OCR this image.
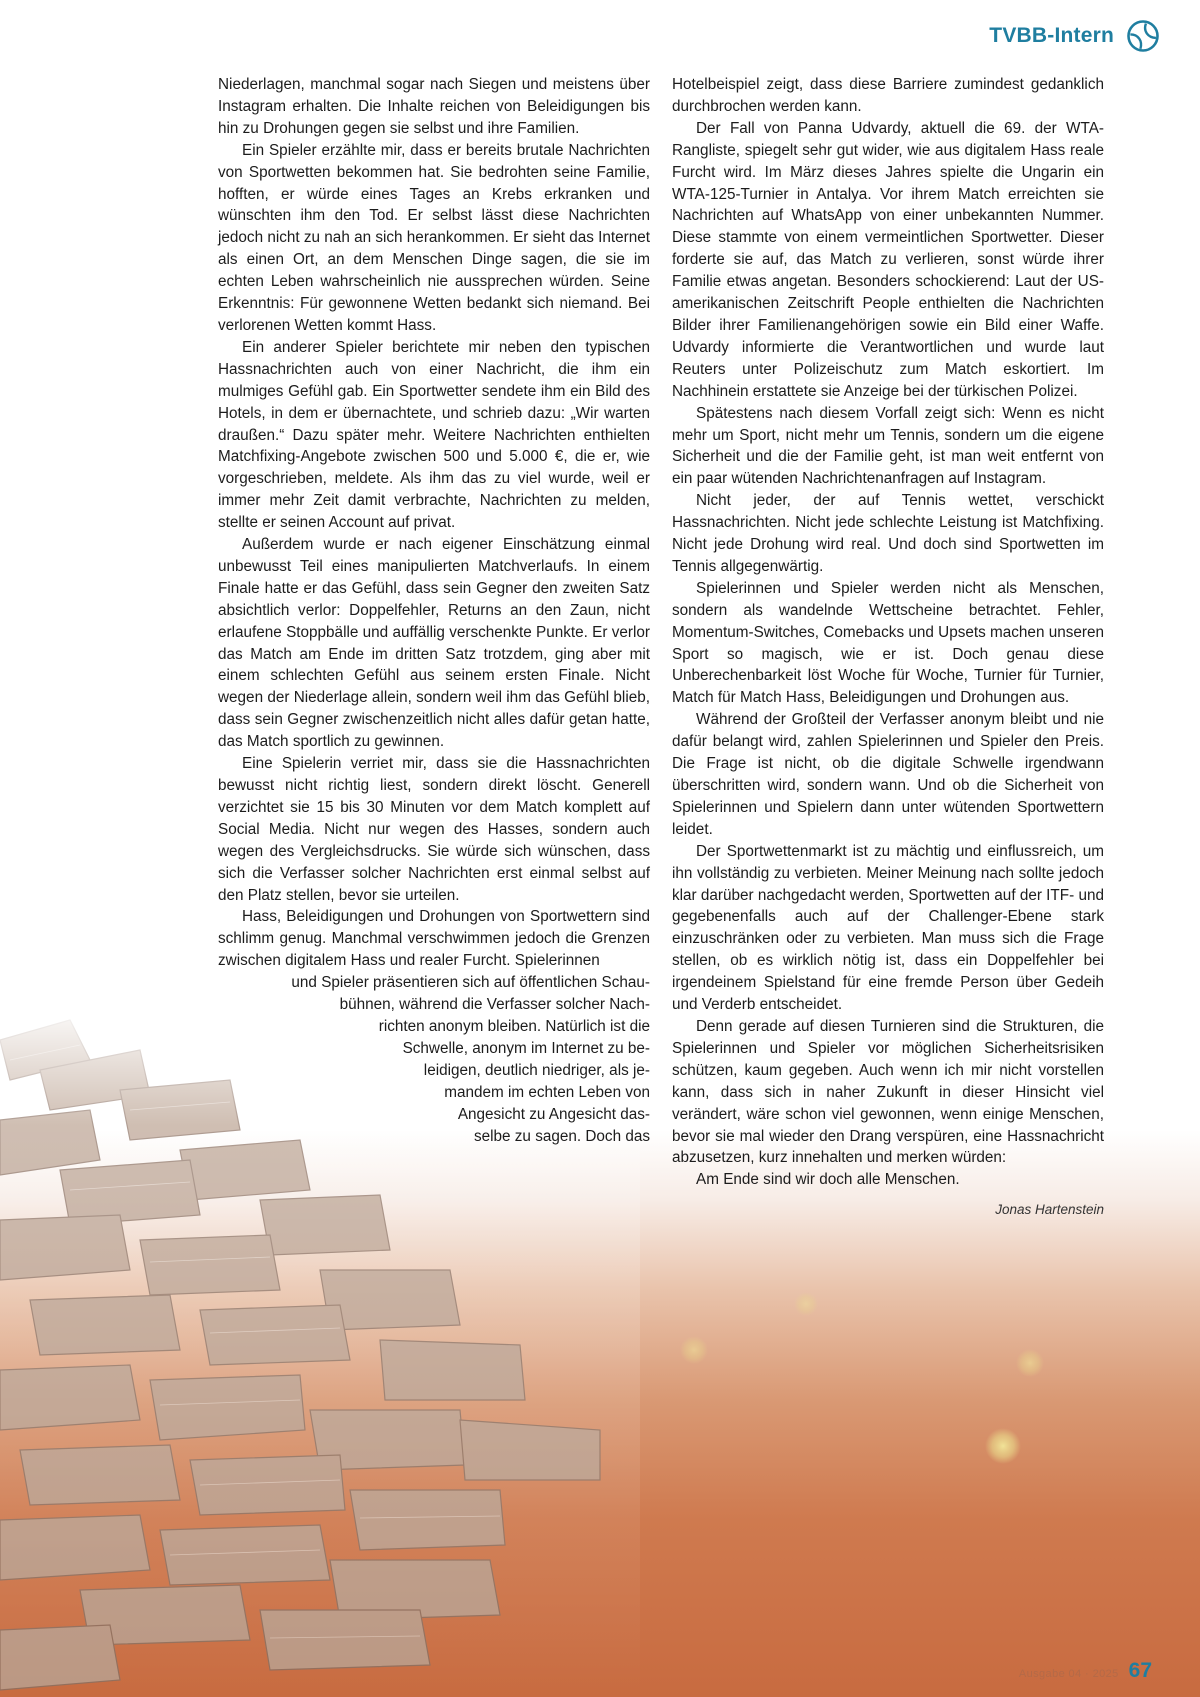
TVBB-Intern

Niederlagen, manchmal sogar nach Siegen und meistens über Instagram erhalten. Die Inhalte reichen von Beleidigungen bis hin zu Drohungen gegen sie selbst und ihre Familien.

Ein Spieler erzählte mir, dass er bereits brutale Nachrichten von Sportwetten bekommen hat. Sie bedrohten seine Familie, hofften, er würde eines Tages an Krebs erkranken und wünschten ihm den Tod. Er selbst lässt diese Nachrichten jedoch nicht zu nah an sich herankommen. Er sieht das Internet als einen Ort, an dem Menschen Dinge sagen, die sie im echten Leben wahrscheinlich nie aussprechen würden. Seine Erkenntnis: Für gewonnene Wetten bedankt sich niemand. Bei verlorenen Wetten kommt Hass.

Ein anderer Spieler berichtete mir neben den typischen Hassnachrichten auch von einer Nachricht, die ihm ein mulmiges Gefühl gab. Ein Sportwetter sendete ihm ein Bild des Hotels, in dem er übernachtete, und schrieb dazu: „Wir warten draußen.“ Dazu später mehr. Weitere Nachrichten enthielten Matchfixing-Angebote zwischen 500 und 5.000 €, die er, wie vorgeschrieben, meldete. Als ihm das zu viel wurde, weil er immer mehr Zeit damit verbrachte, Nachrichten zu melden, stellte er seinen Account auf privat.

Außerdem wurde er nach eigener Einschätzung einmal unbewusst Teil eines manipulierten Matchverlaufs. In einem Finale hatte er das Gefühl, dass sein Gegner den zweiten Satz absichtlich verlor: Doppelfehler, Returns an den Zaun, nicht erlaufene Stoppbälle und auffällig verschenkte Punkte. Er verlor das Match am Ende im dritten Satz trotzdem, ging aber mit einem schlechten Gefühl aus seinem ersten Finale. Nicht wegen der Niederlage allein, sondern weil ihm das Gefühl blieb, dass sein Gegner zwischenzeitlich nicht alles dafür getan hatte, das Match sportlich zu gewinnen.

Eine Spielerin verriet mir, dass sie die Hassnachrichten bewusst nicht richtig liest, sondern direkt löscht. Generell verzichtet sie 15 bis 30 Minuten vor dem Match komplett auf Social Media. Nicht nur wegen des Hasses, sondern auch wegen des Vergleichsdrucks. Sie würde sich wünschen, dass sich die Verfasser solcher Nachrichten erst einmal selbst auf den Platz stellen, bevor sie urteilen.

Hass, Beleidigungen und Drohungen von Sportwettern sind schlimm genug. Manchmal verschwimmen jedoch die Grenzen zwischen digitalem Hass und realer Furcht. Spielerinnen

und Spieler präsentieren sich auf öffentlichen Schau-
bühnen, während die Verfasser solcher Nach-
richten anonym bleiben. Natürlich ist die
Schwelle, anonym im Internet zu be-
leidigen, deutlich niedriger, als je-
mandem im echten Leben von
Angesicht zu Angesicht das-
selbe zu sagen. Doch das

Hotelbeispiel zeigt, dass diese Barriere zumindest gedanklich durchbrochen werden kann.

Der Fall von Panna Udvardy, aktuell die 69. der WTA-Rangliste, spiegelt sehr gut wider, wie aus digitalem Hass reale Furcht wird. Im März dieses Jahres spielte die Ungarin ein WTA-125-Turnier in Antalya. Vor ihrem Match erreichten sie Nachrichten auf WhatsApp von einer unbekannten Nummer. Diese stammte von einem vermeintlichen Sportwetter. Dieser forderte sie auf, das Match zu verlieren, sonst würde ihrer Familie etwas angetan. Besonders schockierend: Laut der US-amerikanischen Zeitschrift People enthielten die Nachrichten Bilder ihrer Familienangehörigen sowie ein Bild einer Waffe. Udvardy informierte die Verantwortlichen und wurde laut Reuters unter Polizeischutz zum Match eskortiert. Im Nachhinein erstattete sie Anzeige bei der türkischen Polizei.

Spätestens nach diesem Vorfall zeigt sich: Wenn es nicht mehr um Sport, nicht mehr um Tennis, sondern um die eigene Sicherheit und die der Familie geht, ist man weit entfernt von ein paar wütenden Nachrichtenanfragen auf Instagram.

Nicht jeder, der auf Tennis wettet, verschickt Hassnachrichten. Nicht jede schlechte Leistung ist Matchfixing. Nicht jede Drohung wird real. Und doch sind Sportwetten im Tennis allgegenwärtig.

Spielerinnen und Spieler werden nicht als Menschen, sondern als wandelnde Wettscheine betrachtet. Fehler, Momentum-Switches, Comebacks und Upsets machen unseren Sport so magisch, wie er ist. Doch genau diese Unberechenbarkeit löst Woche für Woche, Turnier für Turnier, Match für Match Hass, Beleidigungen und Drohungen aus.

Während der Großteil der Verfasser anonym bleibt und nie dafür belangt wird, zahlen Spielerinnen und Spieler den Preis. Die Frage ist nicht, ob die digitale Schwelle irgendwann überschritten wird, sondern wann. Und ob die Sicherheit von Spielerinnen und Spielern dann unter wütenden Sportwettern leidet.

Der Sportwettenmarkt ist zu mächtig und einflussreich, um ihn vollständig zu verbieten. Meiner Meinung nach sollte jedoch klar darüber nachgedacht werden, Sportwetten auf der ITF- und gegebenenfalls auch auf der Challenger-Ebene stark einzuschränken oder zu verbieten. Man muss sich die Frage stellen, ob es wirklich nötig ist, dass ein Doppelfehler bei irgendeinem Spielstand für eine fremde Person über Gedeih und Verderb entscheidet.

Denn gerade auf diesen Turnieren sind die Strukturen, die Spielerinnen und Spieler vor möglichen Sicherheitsrisiken schützen, kaum gegeben. Auch wenn ich mir nicht vorstellen kann, dass sich in naher Zukunft in dieser Hinsicht viel verändert, wäre schon viel gewonnen, wenn einige Menschen, bevor sie mal wieder den Drang verspüren, eine Hassnachricht abzusetzen, kurz innehalten und merken würden:

Am Ende sind wir doch alle Menschen.

Jonas Hartenstein

Ausgabe 04 · 2025 67
